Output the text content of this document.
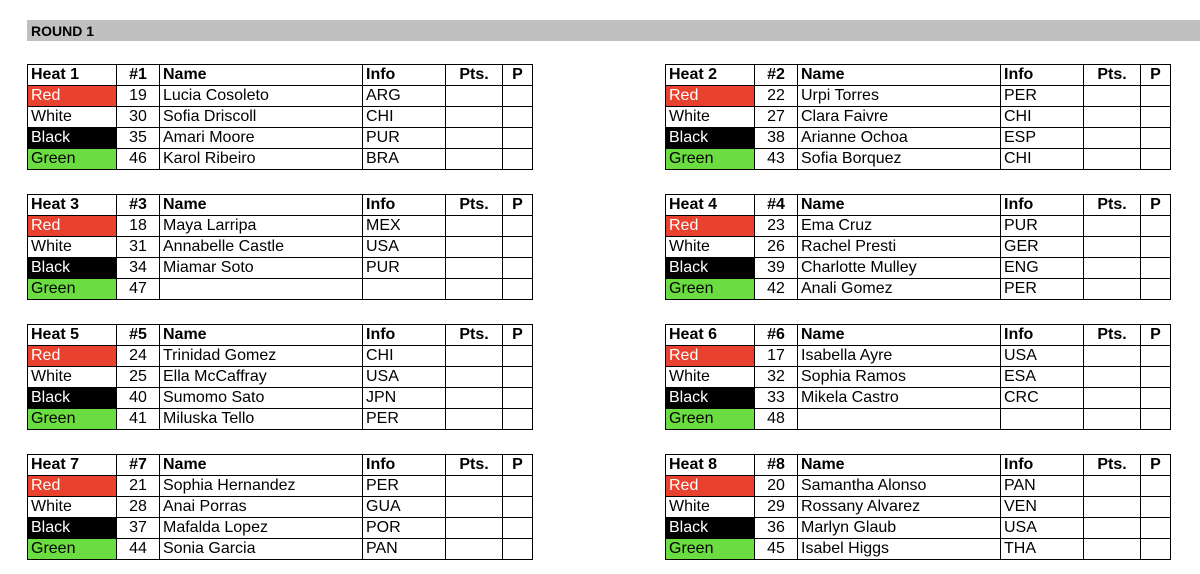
ROUND 1
Heat 1	#1	Name	Info	Pts.	P
Red	19	Lucia Cosoleto	ARG		
White	30	Sofia Driscoll	CHI		
Black	35	Amari Moore	PUR		
Green	46	Karol Ribeiro	BRA		
Heat 2	#2	Name	Info	Pts.	P
Red	22	Urpi Torres	PER		
White	27	Clara Faivre	CHI		
Black	38	Arianne Ochoa	ESP		
Green	43	Sofia Borquez	CHI		
Heat 3	#3	Name	Info	Pts.	P
Red	18	Maya Larripa	MEX		
White	31	Annabelle Castle	USA		
Black	34	Miamar Soto	PUR		
Green	47				
Heat 4	#4	Name	Info	Pts.	P
Red	23	Ema Cruz	PUR		
White	26	Rachel Presti	GER		
Black	39	Charlotte Mulley	ENG		
Green	42	Anali Gomez	PER		
Heat 5	#5	Name	Info	Pts.	P
Red	24	Trinidad Gomez	CHI		
White	25	Ella McCaffray	USA		
Black	40	Sumomo Sato	JPN		
Green	41	Miluska Tello	PER		
Heat 6	#6	Name	Info	Pts.	P
Red	17	Isabella Ayre	USA		
White	32	Sophia Ramos	ESA		
Black	33	Mikela Castro	CRC		
Green	48				
Heat 7	#7	Name	Info	Pts.	P
Red	21	Sophia Hernandez	PER		
White	28	Anai Porras	GUA		
Black	37	Mafalda Lopez	POR		
Green	44	Sonia Garcia	PAN		
Heat 8	#8	Name	Info	Pts.	P
Red	20	Samantha Alonso	PAN		
White	29	Rossany Alvarez	VEN		
Black	36	Marlyn Glaub	USA		
Green	45	Isabel Higgs	THA		
